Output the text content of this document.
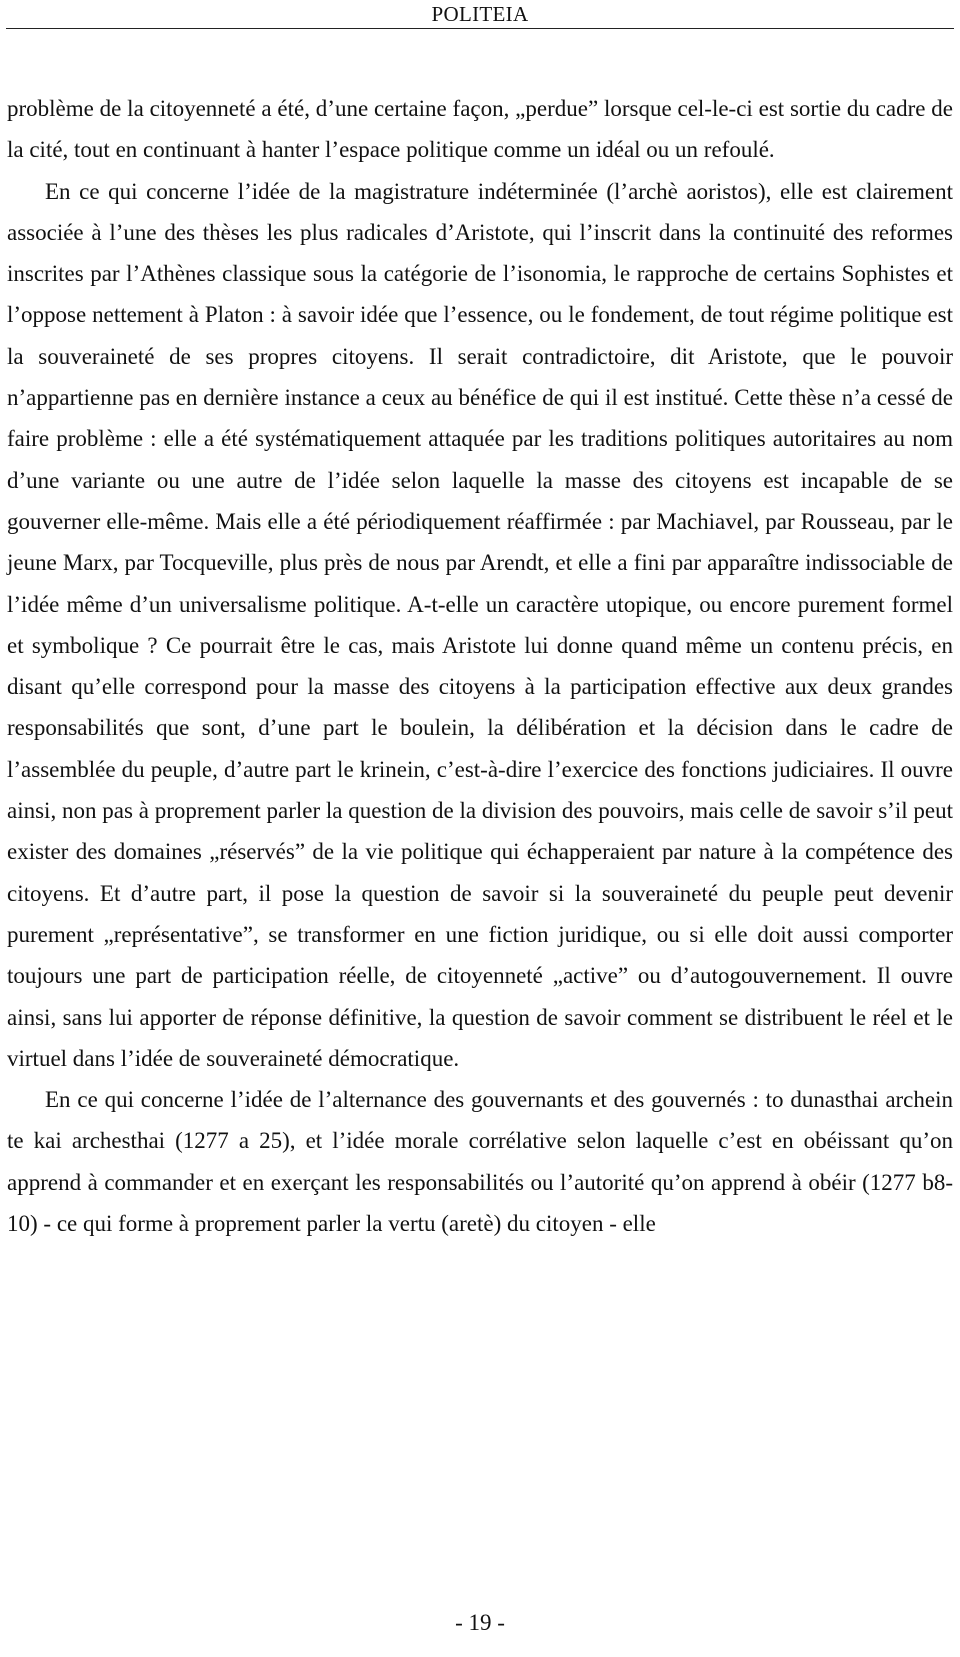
POLITEIA

problème de la citoyenneté a été, d’une certaine façon, „perdue” lorsque cel-le-ci est sortie du cadre de la cité, tout en continuant à hanter l’espace politique comme un idéal ou un refoulé.

En ce qui concerne l’idée de la magistrature indéterminée (l’archè aoristos), elle est clairement associée à l’une des thèses les plus radicales d’Aristote, qui l’inscrit dans la continuité des reformes inscrites par l’Athènes classique sous la catégorie de l’isonomia, le rapproche de certains Sophistes et l’oppose nettement à Platon : à savoir idée que l’essence, ou le fondement, de tout régime politique est la souveraineté de ses propres citoyens. Il serait contradictoire, dit Aristote, que le pouvoir n’appartienne pas en dernière instance a ceux au bénéfice de qui il est institué. Cette thèse n’a cessé de faire problème : elle a été systématiquement attaquée par les traditions politiques autoritaires au nom d’une variante ou une autre de l’idée selon laquelle la masse des citoyens est incapable de se gouverner elle-même. Mais elle a été périodiquement réaffirmée : par Machiavel, par Rousseau, par le jeune Marx, par Tocqueville, plus près de nous par Arendt, et elle a fini par apparaître indissociable de l’idée même d’un universalisme politique. A-t-elle un caractère utopique, ou encore purement formel et symbolique ? Ce pourrait être le cas, mais Aristote lui donne quand même un contenu précis, en disant qu’elle correspond pour la masse des citoyens à la participation effective aux deux grandes responsabilités que sont, d’une part le boulein, la délibération et la décision dans le cadre de l’assemblée du peuple, d’autre part le krinein, c’est-à-dire l’exercice des fonctions judiciaires. Il ouvre ainsi, non pas à proprement parler la question de la division des pouvoirs, mais celle de savoir s’il peut exister des domaines „réservés” de la vie politique qui échapperaient par nature à la compétence des citoyens. Et d’autre part, il pose la question de savoir si la souveraineté du peuple peut devenir purement „représentative”, se transformer en une fiction juridique, ou si elle doit aussi comporter toujours une part de participation réelle, de citoyenneté „active” ou d’autogouvernement. Il ouvre ainsi, sans lui apporter de réponse définitive, la question de savoir comment se distribuent le réel et le virtuel dans l’idée de souveraineté démocratique.

En ce qui concerne l’idée de l’alternance des gouvernants et des gouvernés : to dunasthai archein te kai archesthai (1277 a 25), et l’idée morale corrélative selon laquelle c’est en obéissant qu’on apprend à commander et en exerçant les responsabilités ou l’autorité qu’on apprend à obéir (1277 b8-10) - ce qui forme à proprement parler la vertu (aretè) du citoyen - elle

- 19 -
